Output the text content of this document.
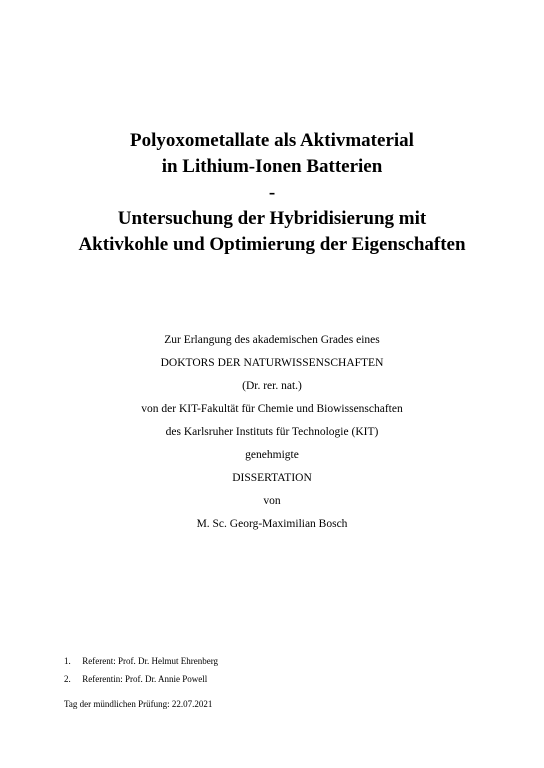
Polyoxometallate als Aktivmaterial
in Lithium-Ionen Batterien
-
Untersuchung der Hybridisierung mit
Aktivkohle und Optimierung der Eigenschaften
Zur Erlangung des akademischen Grades eines
DOKTORS DER NATURWISSENSCHAFTEN
(Dr. rer. nat.)
von der KIT-Fakultät für Chemie und Biowissenschaften
des Karlsruher Instituts für Technologie (KIT)
genehmigte
DISSERTATION
von
M. Sc. Georg-Maximilian Bosch
1. Referent: Prof. Dr. Helmut Ehrenberg
2. Referentin: Prof. Dr. Annie Powell
Tag der mündlichen Prüfung: 22.07.2021
